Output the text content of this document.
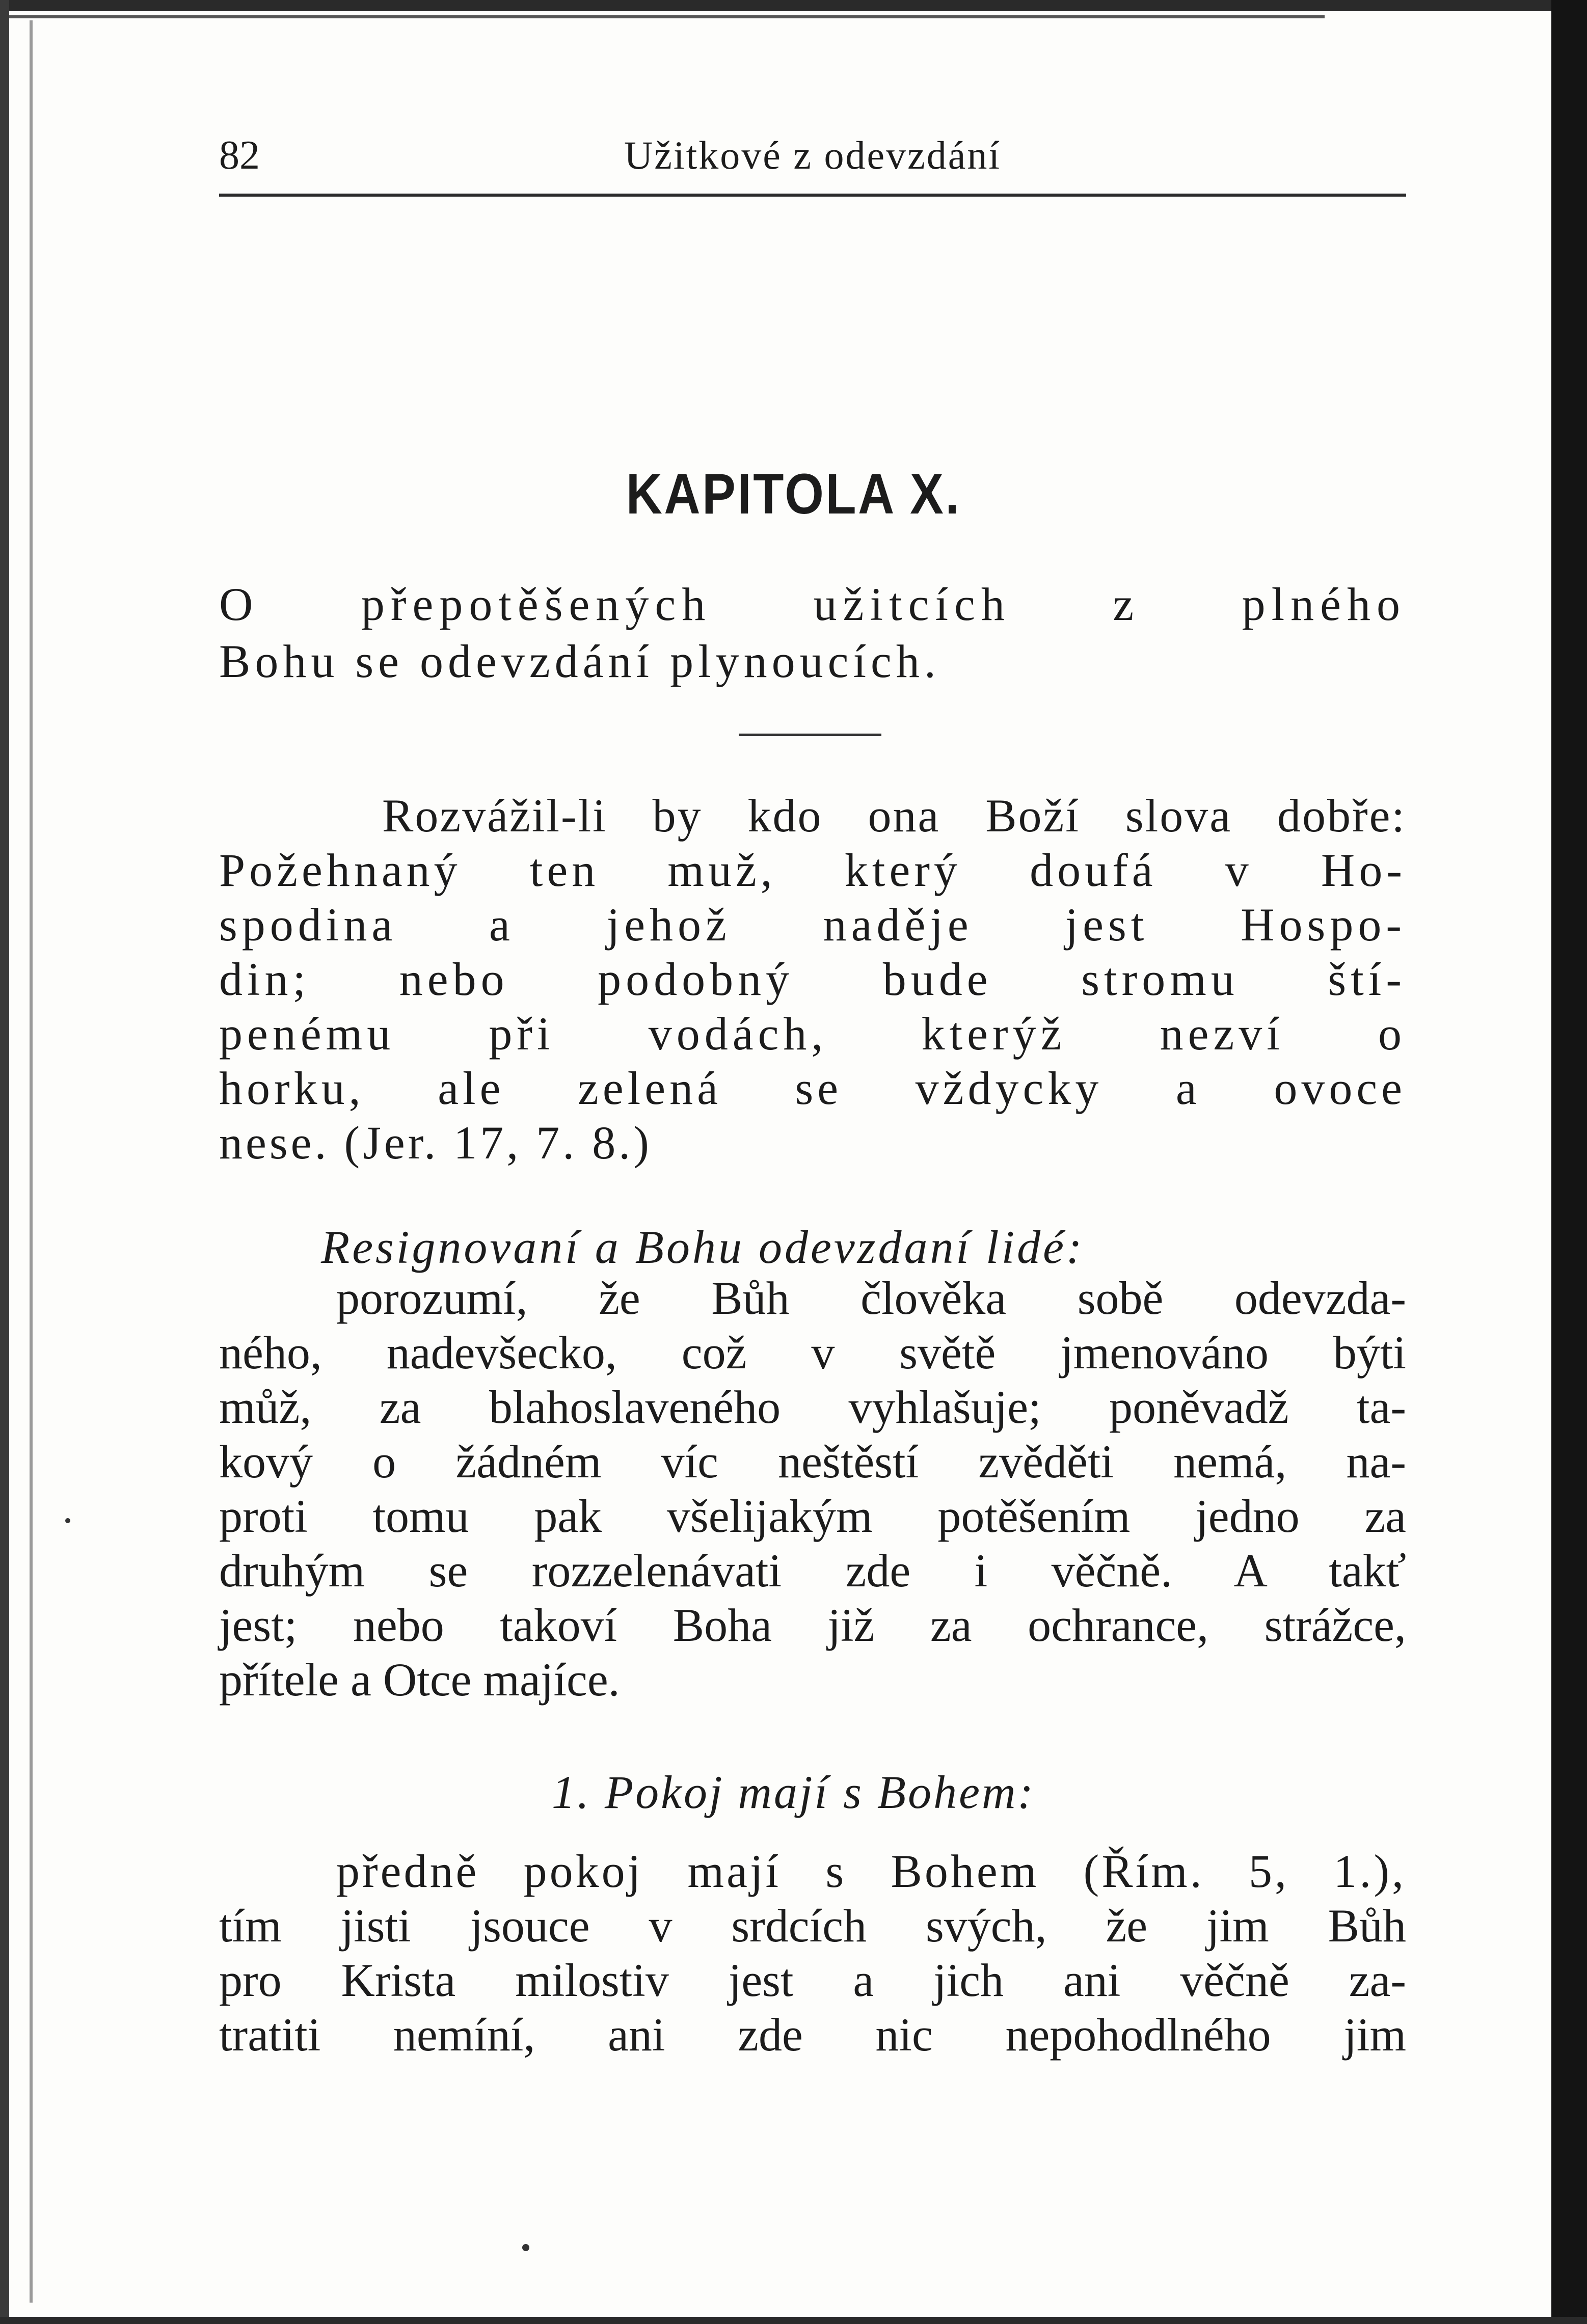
82	Užitkové z odevzdání
KAPITOLA X.
O přepotěšených užitcích z plného
Bohu se odevzdání plynoucích.
Rozvážil-li by kdo ona Boží slova dobře:
Požehnaný ten muž, který doufá v Ho-
spodina a jehož naděje jest Hospo-
din; nebo podobný bude stromu ští-
penému při vodách, kterýž nezví o
horku, ale zelená se vždycky a ovoce
nese. (Jer. 17, 7. 8.)
Resignovaní a Bohu odevzdaní lidé:
porozumí, že Bůh člověka sobě odevzda-
ného, nadevšecko, což v světě jmenováno býti
můž, za blahoslaveného vyhlašuje; poněvadž ta-
kový o žádném víc neštěstí zvěděti nemá, na-
proti tomu pak všelijakým potěšením jedno za
druhým se rozzelenávati zde i věčně. A takť
jest; nebo takoví Boha již za ochrance, strážce,
přítele a Otce majíce.
1. Pokoj mají s Bohem:
předně pokoj mají s Bohem (Řím. 5, 1.),
tím jisti jsouce v srdcích svých, že jim Bůh
pro Krista milostiv jest a jich ani věčně za-
tratiti nemíní, ani zde nic nepohodlného jim
